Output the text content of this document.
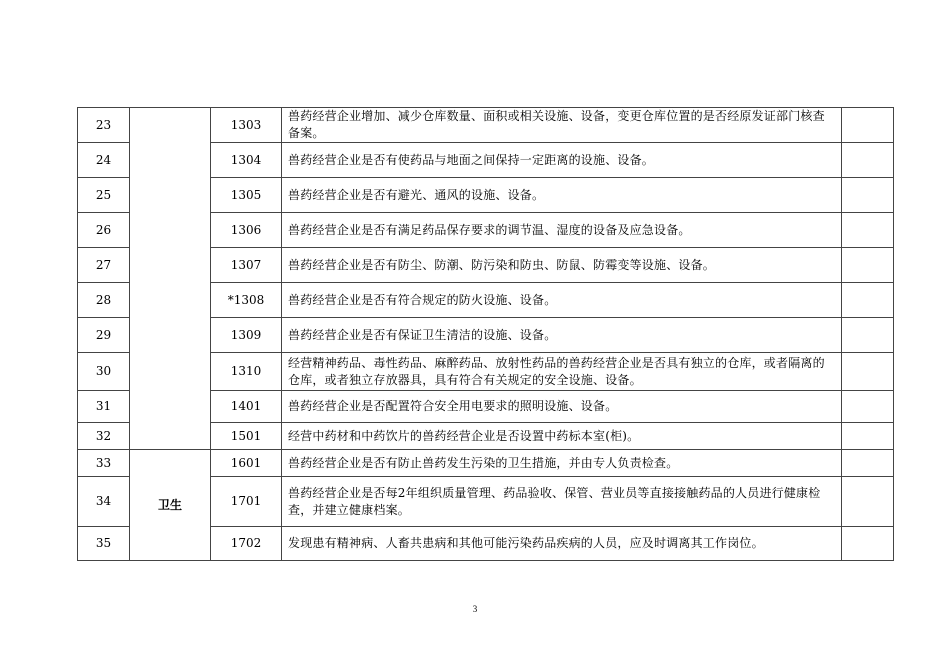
23		1303	兽药经营企业增加、减少仓库数量、面积或相关设施、设备，变更仓库位置的是否经原发证部门核查备案。	
24		1304	兽药经营企业是否有使药品与地面之间保持一定距离的设施、设备。	
25		1305	兽药经营企业是否有避光、通风的设施、设备。	
26		1306	兽药经营企业是否有满足药品保存要求的调节温、湿度的设备及应急设备。	
27		1307	兽药经营企业是否有防尘、防潮、防污染和防虫、防鼠、防霉变等设施、设备。	
28		*1308	兽药经营企业是否有符合规定的防火设施、设备。	
29		1309	兽药经营企业是否有保证卫生清洁的设施、设备。	
30		1310	经营精神药品、毒性药品、麻醉药品、放射性药品的兽药经营企业是否具有独立的仓库，或者隔离的仓库，或者独立存放器具，具有符合有关规定的安全设施、设备。	
31		1401	兽药经营企业是否配置符合安全用电要求的照明设施、设备。	
32		1501	经营中药材和中药饮片的兽药经营企业是否设置中药标本室(柜)。	
33	卫生	1601	兽药经营企业是否有防止兽药发生污染的卫生措施，并由专人负责检查。	
34		1701	兽药经营企业是否每2年组织质量管理、药品验收、保管、营业员等直接接触药品的人员进行健康检查，并建立健康档案。	
35		1702	发现患有精神病、人畜共患病和其他可能污染药品疾病的人员，应及时调离其工作岗位。	
3
